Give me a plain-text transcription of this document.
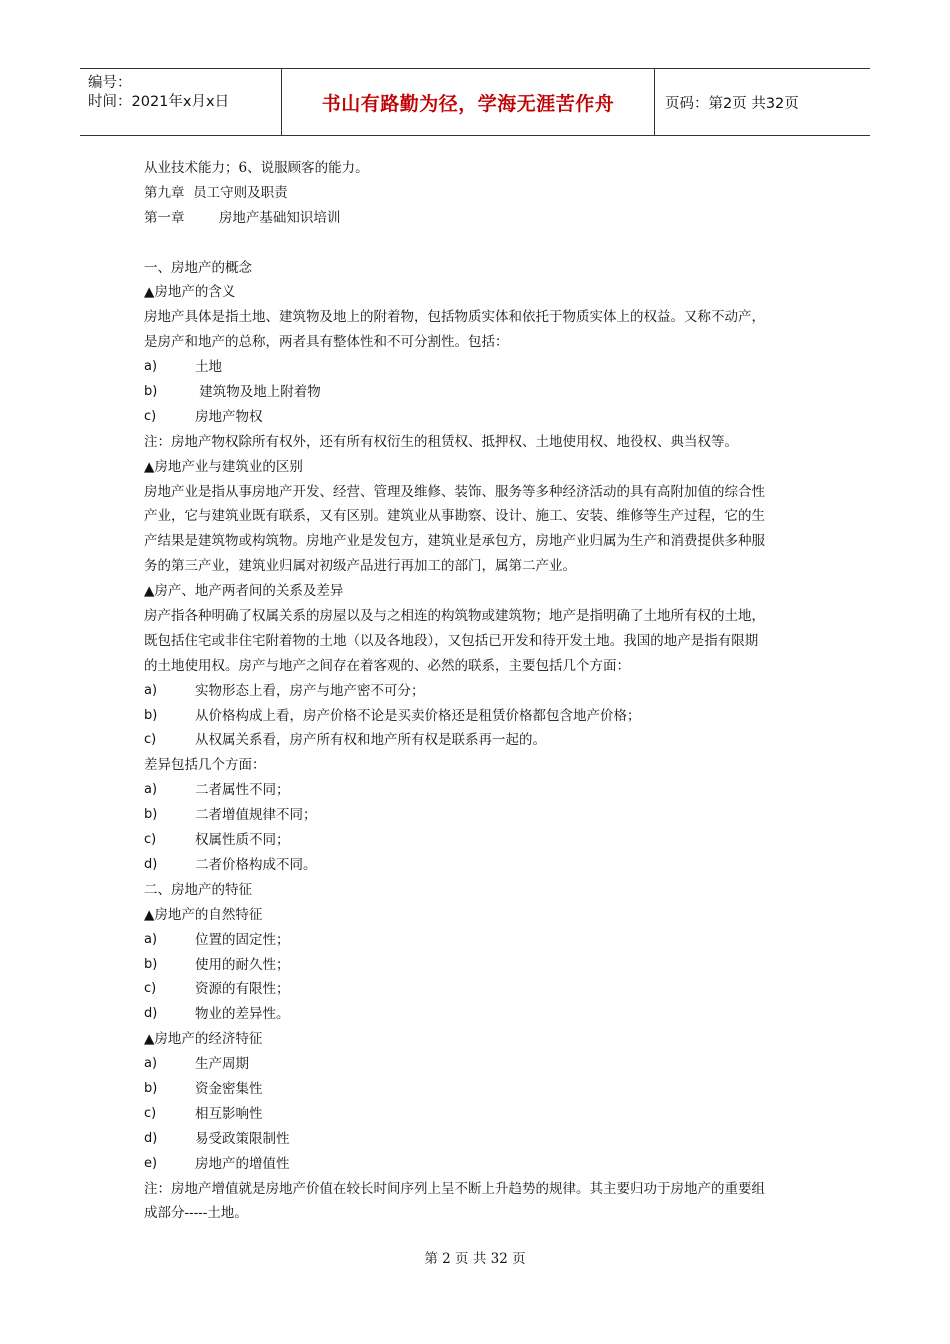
编号：
时间：2021年x月x日	书山有路勤为径，学海无涯苦作舟	页码：第2页 共32页
从业技术能力；6、说服顾客的能力。
第九章  员工守则及职责
第一章        房地产基础知识培训
一、房地产的概念
▲房地产的含义
房地产具体是指土地、建筑物及地上的附着物，包括物质实体和依托于物质实体上的权益。又称不动产，
是房产和地产的总称，两者具有整体性和不可分割性。包括：
a)	土地
b)	建筑物及地上附着物
c)	房地产物权
注：房地产物权除所有权外，还有所有权衍生的租赁权、抵押权、土地使用权、地役权、典当权等。
▲房地产业与建筑业的区别
房地产业是指从事房地产开发、经营、管理及维修、装饰、服务等多种经济活动的具有高附加值的综合性
产业，它与建筑业既有联系，又有区别。建筑业从事勘察、设计、施工、安装、维修等生产过程，它的生
产结果是建筑物或构筑物。房地产业是发包方，建筑业是承包方，房地产业归属为生产和消费提供多种服
务的第三产业，建筑业归属对初级产品进行再加工的部门，属第二产业。
▲房产、地产两者间的关系及差异
房产指各种明确了权属关系的房屋以及与之相连的构筑物或建筑物；地产是指明确了土地所有权的土地，
既包括住宅或非住宅附着物的土地（以及各地段），又包括已开发和待开发土地。我国的地产是指有限期
的土地使用权。房产与地产之间存在着客观的、必然的联系，主要包括几个方面：
a)	实物形态上看，房产与地产密不可分；
b)	从价格构成上看，房产价格不论是买卖价格还是租赁价格都包含地产价格；
c)	从权属关系看，房产所有权和地产所有权是联系再一起的。
差异包括几个方面：
a)	二者属性不同；
b)	二者增值规律不同；
c)	权属性质不同；
d)	二者价格构成不同。
二、房地产的特征
▲房地产的自然特征
a)	位置的固定性；
b)	使用的耐久性；
c)	资源的有限性；
d)	物业的差异性。
▲房地产的经济特征
a)	生产周期
b)	资金密集性
c)	相互影响性
d)	易受政策限制性
e)	房地产的增值性
注：房地产增值就是房地产价值在较长时间序列上呈不断上升趋势的规律。其主要归功于房地产的重要组
成部分-----土地。
第 2 页 共 32 页
